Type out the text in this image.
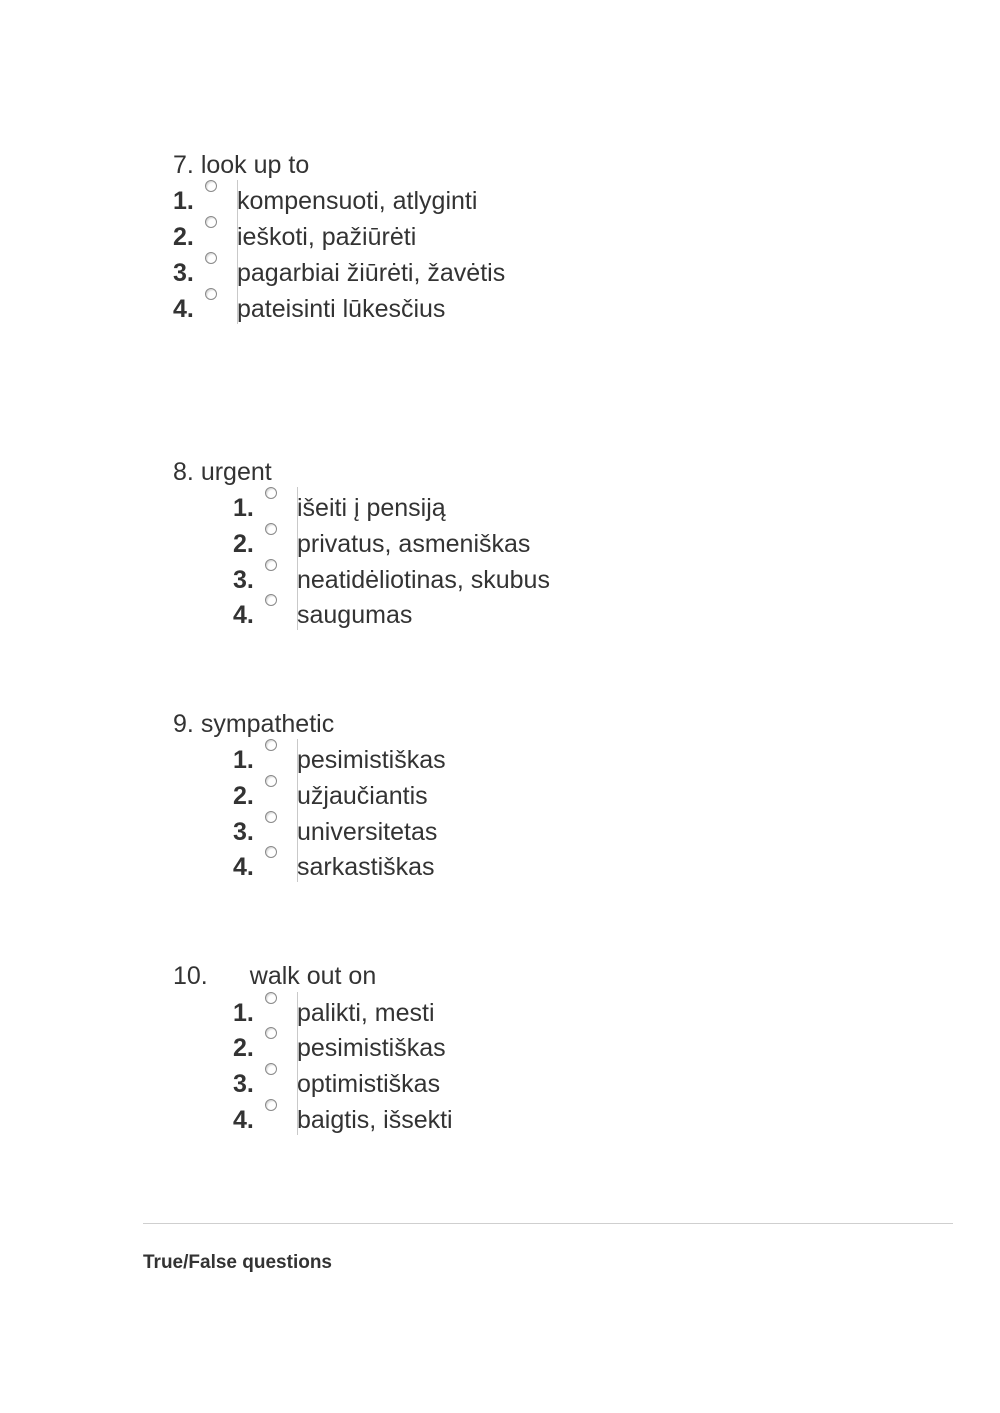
7. look up to
1. kompensuoti, atlyginti
2. ieškoti, pažiūrėti
3. pagarbiai žiūrėti, žavėtis
4. pateisinti lūkesčius
8. urgent
1. išeiti į pensiją
2. privatus, asmeniškas
3. neatidėliotinas, skubus
4. saugumas
9. sympathetic
1. pesimistiškas
2. užjaučiantis
3. universitetas
4. sarkastiškas
10. walk out on
1. palikti, mesti
2. pesimistiškas
3. optimistiškas
4. baigtis, išsekti
True/False questions
